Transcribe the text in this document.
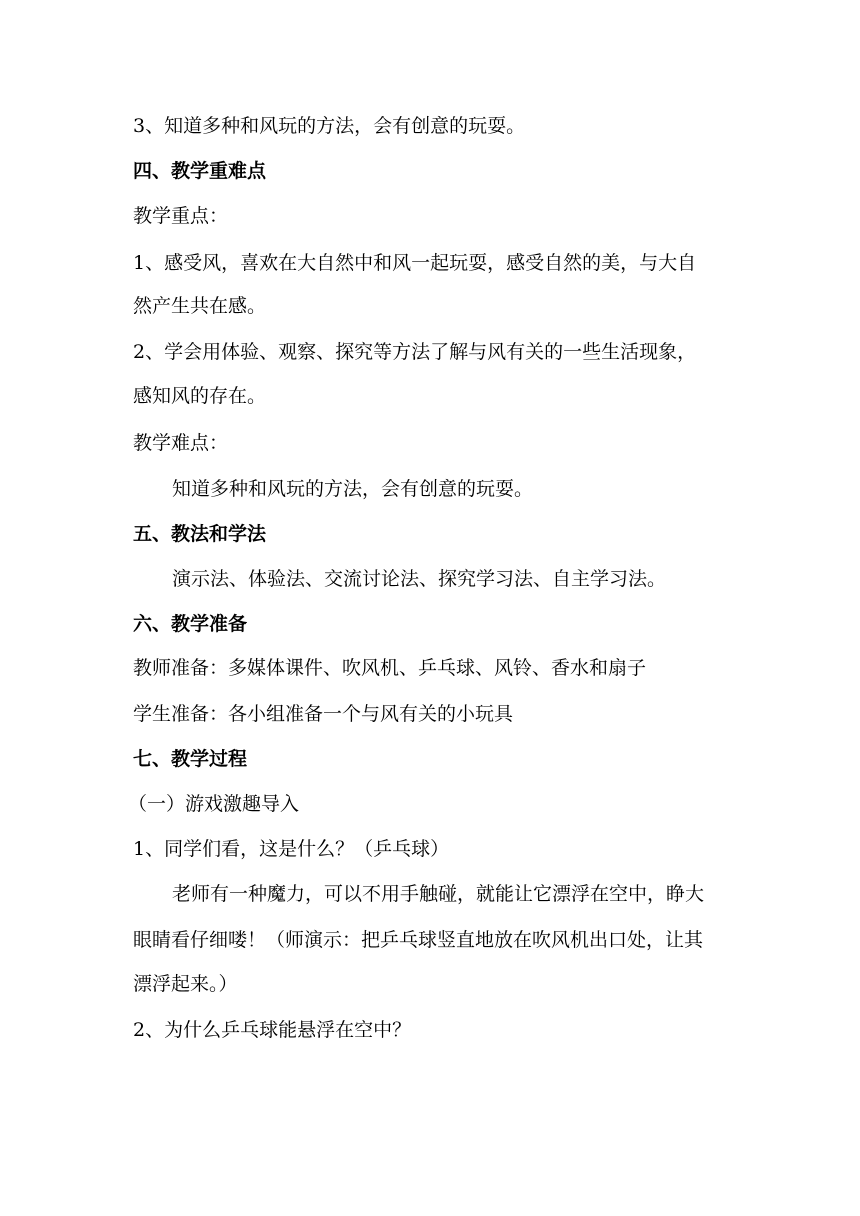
3、知道多种和风玩的方法，会有创意的玩耍。
四、教学重难点
教学重点：
1、感受风，喜欢在大自然中和风一起玩耍，感受自然的美，与大自
然产生共在感。
2、学会用体验、观察、探究等方法了解与风有关的一些生活现象，
感知风的存在。
教学难点：
知道多种和风玩的方法，会有创意的玩耍。
五、教法和学法
演示法、体验法、交流讨论法、探究学习法、自主学习法。
六、教学准备
教师准备：多媒体课件、吹风机、乒乓球、风铃、香水和扇子
学生准备：各小组准备一个与风有关的小玩具
七、教学过程
（一）游戏激趣导入
1、同学们看，这是什么？（乒乓球）
老师有一种魔力，可以不用手触碰，就能让它漂浮在空中，睁大
眼睛看仔细喽！（师演示：把乒乓球竖直地放在吹风机出口处，让其
漂浮起来。）
2、为什么乒乓球能悬浮在空中？
